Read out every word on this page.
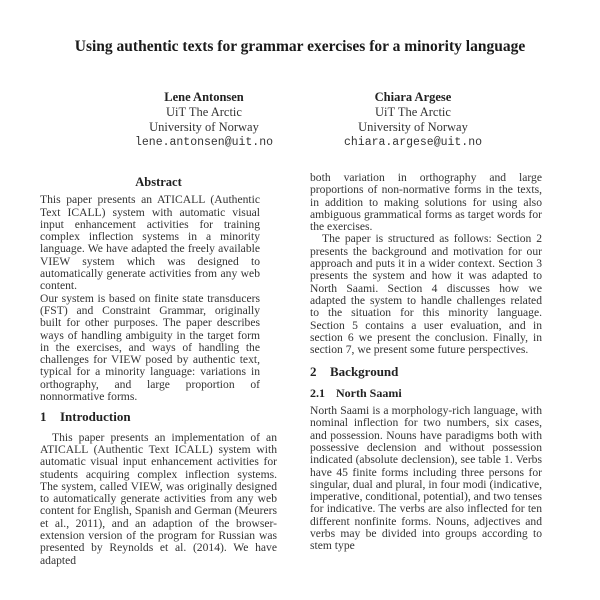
Using authentic texts for grammar exercises for a minority language
Lene Antonsen
UiT The Arctic
University of Norway
lene.antonsen@uit.no
Chiara Argese
UiT The Arctic
University of Norway
chiara.argese@uit.no
Abstract

This paper presents an ATICALL (Authentic Text ICALL) system with automatic visual input enhancement activities for training complex inflection systems in a minority language. We have adapted the freely available VIEW system which was designed to automatically generate activities from any web content.

Our system is based on finite state transducers (FST) and Constraint Grammar, originally built for other purposes. The paper describes ways of handling ambiguity in the target form in the exercises, and ways of handling the challenges for VIEW posed by authentic text, typical for a minority language: variations in orthography, and large proportion of nonnormative forms.

1 Introduction

This paper presents an implementation of an ATICALL (Authentic Text ICALL) system with automatic visual input enhancement activities for students acquiring complex inflection systems. The system, called VIEW, was originally designed to automatically generate activities from any web content for English, Spanish and German (Meurers et al., 2011), and an adaption of the browser-extension version of the program for Russian was presented by Reynolds et al. (2014). We have adapted

both variation in orthography and large proportions of non-normative forms in the texts, in addition to making solutions for using also ambiguous grammatical forms as target words for the exercises.

The paper is structured as follows: Section 2 presents the background and motivation for our approach and puts it in a wider context. Section 3 presents the system and how it was adapted to North Saami. Section 4 discusses how we adapted the system to handle challenges related to the situation for this minority language. Section 5 contains a user evaluation, and in section 6 we present the conclusion. Finally, in section 7, we present some future perspectives.

2 Background
2.1 North Saami

North Saami is a morphology-rich language, with nominal inflection for two numbers, six cases, and possession. Nouns have paradigms both with possessive declension and without possession indicated (absolute declension), see table 1. Verbs have 45 finite forms including three persons for singular, dual and plural, in four modi (indicative, imperative, conditional, potential), and two tenses for indicative. The verbs are also inflected for ten different nonfinite forms. Nouns, adjectives and verbs may be divided into groups according to stem type
